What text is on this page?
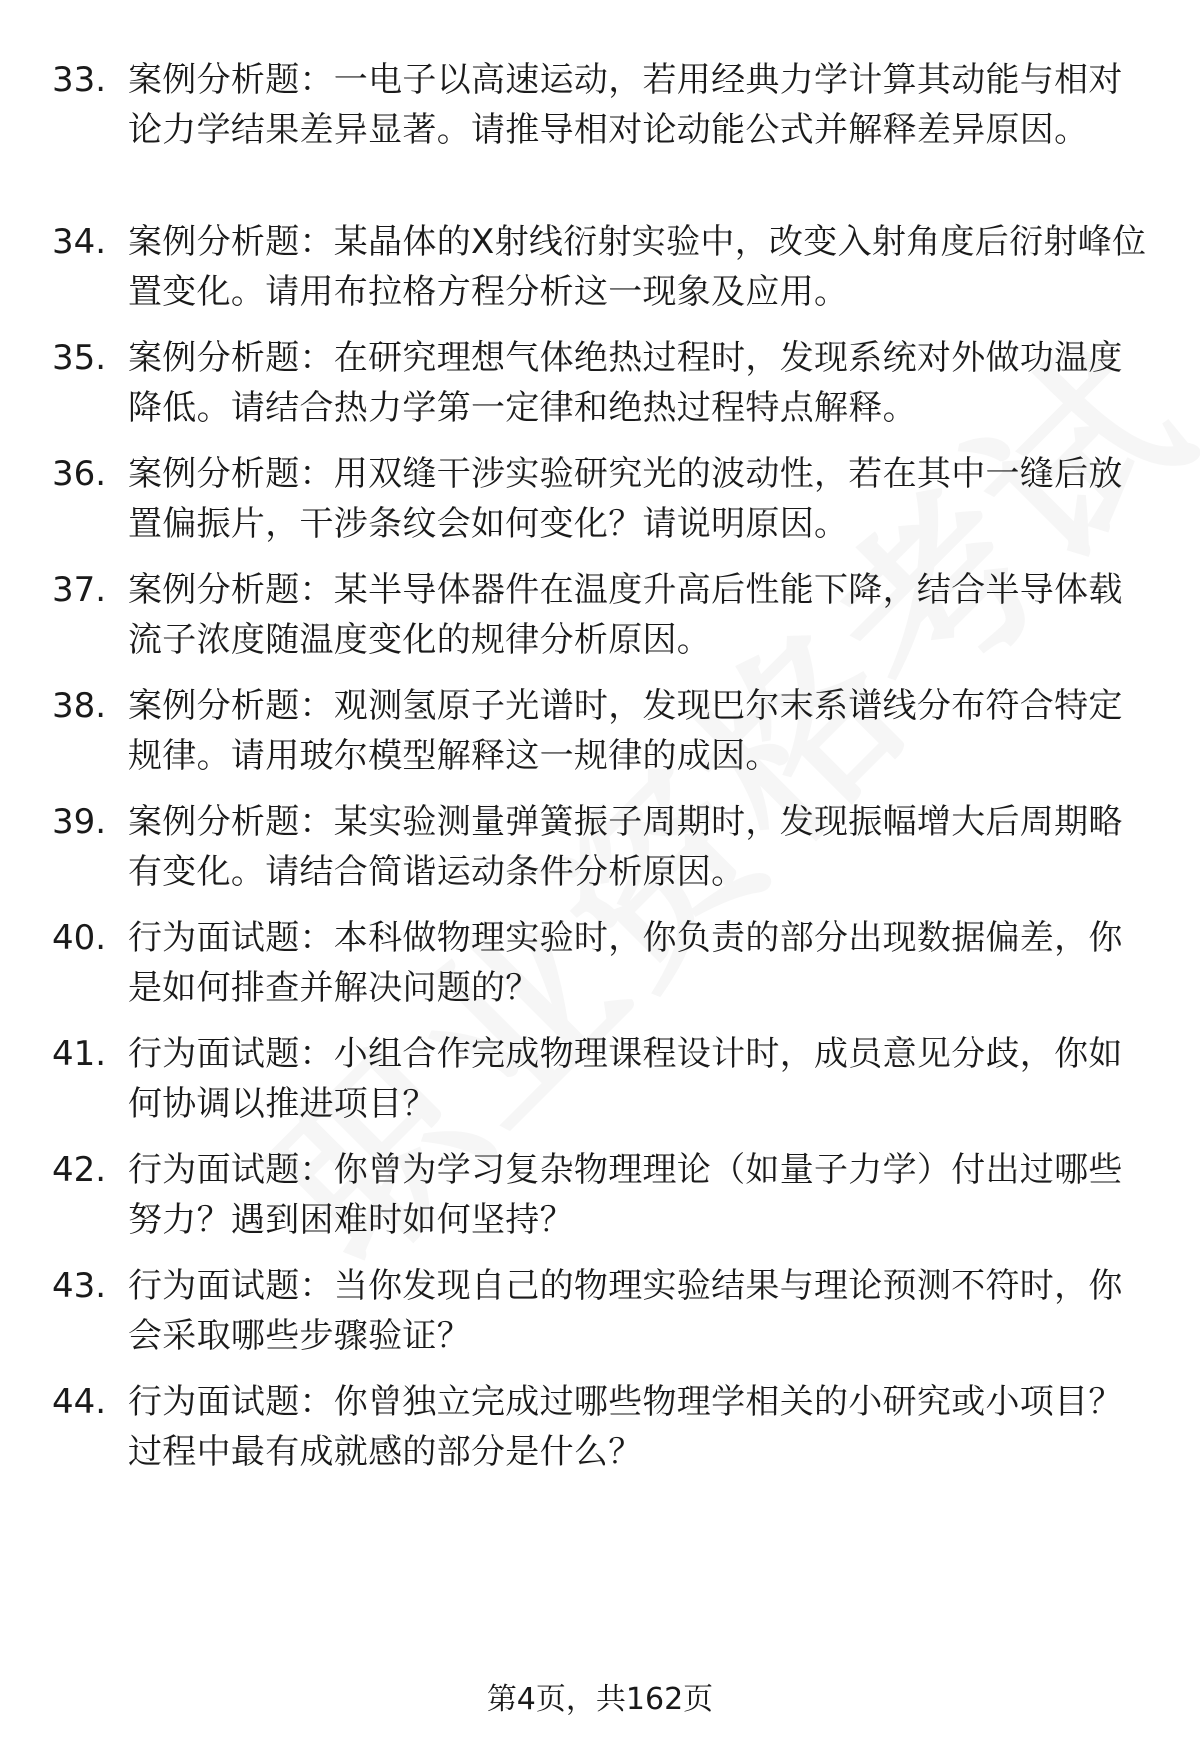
33. 案例分析题：一电子以高速运动，若用经典力学计算其动能与相对论力学结果差异显著。请推导相对论动能公式并解释差异原因。
34. 案例分析题：某晶体的X射线衍射实验中，改变入射角度后衍射峰位置变化。请用布拉格方程分析这一现象及应用。
35. 案例分析题：在研究理想气体绝热过程时，发现系统对外做功温度降低。请结合热力学第一定律和绝热过程特点解释。
36. 案例分析题：用双缝干涉实验研究光的波动性，若在其中一缝后放置偏振片，干涉条纹会如何变化？请说明原因。
37. 案例分析题：某半导体器件在温度升高后性能下降，结合半导体载流子浓度随温度变化的规律分析原因。
38. 案例分析题：观测氢原子光谱时，发现巴尔末系谱线分布符合特定规律。请用玻尔模型解释这一规律的成因。
39. 案例分析题：某实验测量弹簧振子周期时，发现振幅增大后周期略有变化。请结合简谐运动条件分析原因。
40. 行为面试题：本科做物理实验时，你负责的部分出现数据偏差，你是如何排查并解决问题的？
41. 行为面试题：小组合作完成物理课程设计时，成员意见分歧，你如何协调以推进项目？
42. 行为面试题：你曾为学习复杂物理理论（如量子力学）付出过哪些努力？遇到困难时如何坚持？
43. 行为面试题：当你发现自己的物理实验结果与理论预测不符时，你会采取哪些步骤验证？
44. 行为面试题：你曾独立完成过哪些物理学相关的小研究或小项目？过程中最有成就感的部分是什么？
第4页，共162页
